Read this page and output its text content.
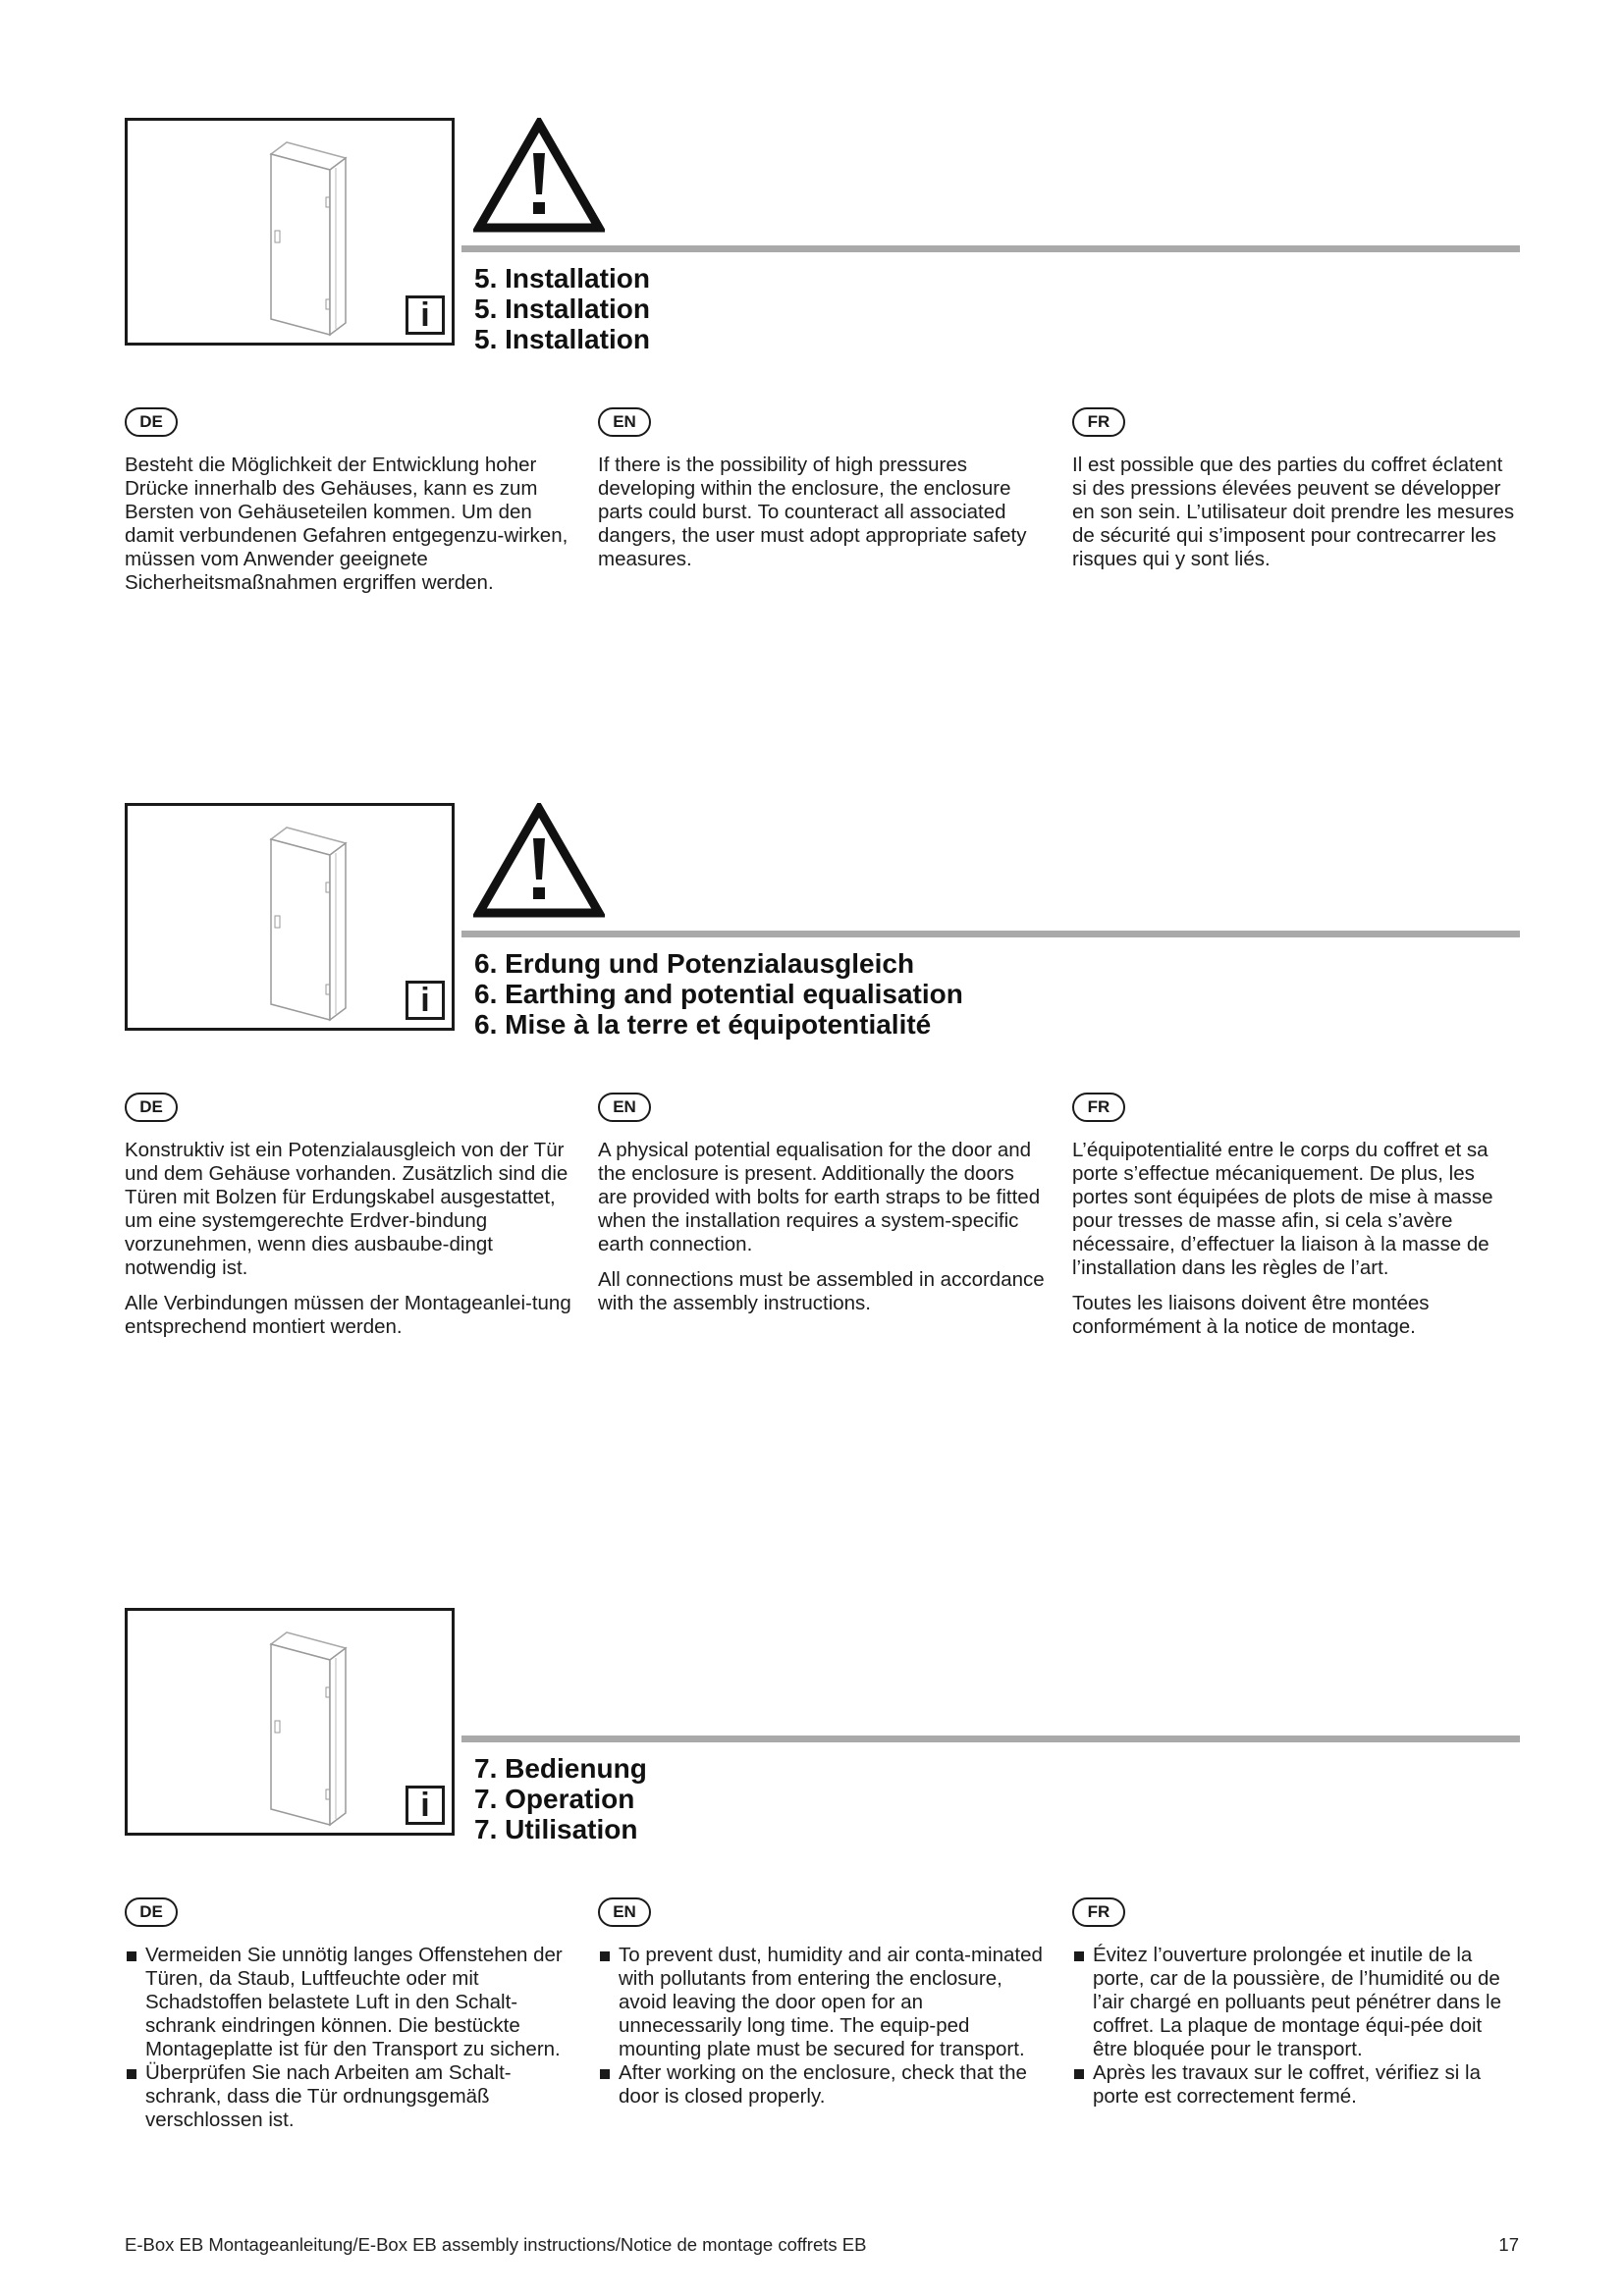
i
5. Installation
5. Installation
5. Installation
DE

Besteht die Möglichkeit der Entwicklung hoher Drücke innerhalb des Gehäuses, kann es zum Bersten von Gehäuseteilen kommen. Um den damit verbundenen Gefahren entgegenzu-wirken, müssen vom Anwender geeignete Sicherheitsmaßnahmen ergriffen werden.

EN

If there is the possibility of high pressures developing within the enclosure, the enclosure parts could burst. To counteract all associated dangers, the user must adopt appropriate safety measures.

FR

Il est possible que des parties du coffret éclatent si des pressions élevées peuvent se développer en son sein. L’utilisateur doit prendre les mesures de sécurité qui s’imposent pour contrecarrer les risques qui y sont liés.

i
6. Erdung und Potenzialausgleich
6. Earthing and potential equalisation
6. Mise à la terre et équipotentialité
DE

Konstruktiv ist ein Potenzialausgleich von der Tür und dem Gehäuse vorhanden. Zusätzlich sind die Türen mit Bolzen für Erdungskabel ausgestattet, um eine systemgerechte Erdver-bindung vorzunehmen, wenn dies ausbaube-dingt notwendig ist.

Alle Verbindungen müssen der Montageanlei-tung entsprechend montiert werden.

EN

A physical potential equalisation for the door and the enclosure is present. Additionally the doors are provided with bolts for earth straps to be fitted when the installation requires a system-specific earth connection.

All connections must be assembled in accordance with the assembly instructions.

FR

L’équipotentialité entre le corps du coffret et sa porte s’effectue mécaniquement. De plus, les portes sont équipées de plots de mise à masse pour tresses de masse afin, si cela s’avère nécessaire, d’effectuer la liaison à la masse de l’installation dans les règles de l’art.

Toutes les liaisons doivent être montées conformément à la notice de montage.

i
7. Bedienung
7. Operation
7. Utilisation
DE
Vermeiden Sie unnötig langes Offenstehen der Türen, da Staub, Luftfeuchte oder mit Schadstoffen belastete Luft in den Schalt-schrank eindringen können. Die bestückte Montageplatte ist für den Transport zu sichern.
Überprüfen Sie nach Arbeiten am Schalt-schrank, dass die Tür ordnungsgemäß verschlossen ist.
EN
To prevent dust, humidity and air conta-minated with pollutants from entering the enclosure, avoid leaving the door open for an unnecessarily long time. The equip-ped mounting plate must be secured for transport.
After working on the enclosure, check that the door is closed properly.
FR
Évitez l’ouverture prolongée et inutile de la porte, car de la poussière, de l’humidité ou de l’air chargé en polluants peut pénétrer dans le coffret. La plaque de montage équi-pée doit être bloquée pour le transport.
Après les travaux sur le coffret, vérifiez si la porte est correctement fermé.
E-Box EB Montageanleitung/E-Box EB assembly instructions/Notice de montage coffrets EB	17
